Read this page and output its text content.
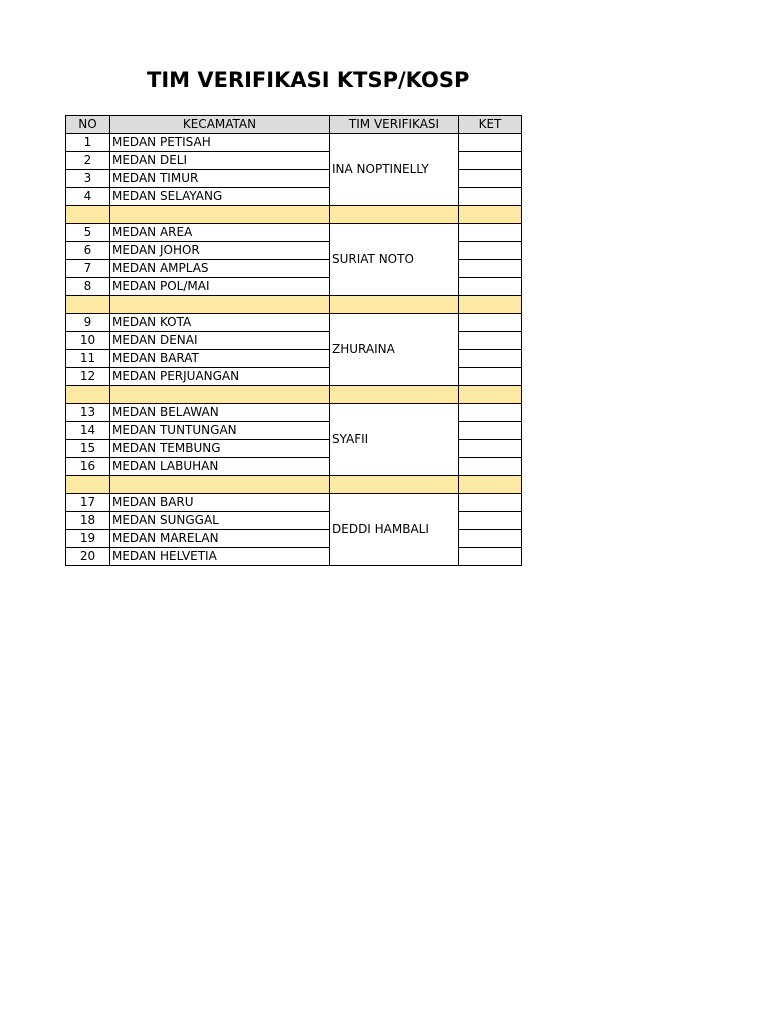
TIM VERIFIKASI KTSP/KOSP
NO	KECAMATAN	TIM VERIFIKASI	KET
1	MEDAN PETISAH	INA NOPTINELLY	
2	MEDAN DELI		
3	MEDAN TIMUR		
4	MEDAN SELAYANG		

5	MEDAN AREA	SURIAT NOTO	
6	MEDAN JOHOR		
7	MEDAN AMPLAS		
8	MEDAN POL/MAI		

9	MEDAN KOTA	ZHURAINA	
10	MEDAN DENAI		
11	MEDAN BARAT		
12	MEDAN PERJUANGAN		

13	MEDAN BELAWAN	SYAFII	
14	MEDAN TUNTUNGAN		
15	MEDAN TEMBUNG		
16	MEDAN LABUHAN		

17	MEDAN BARU	DEDDI HAMBALI	
18	MEDAN SUNGGAL		
19	MEDAN MARELAN		
20	MEDAN HELVETIA		
